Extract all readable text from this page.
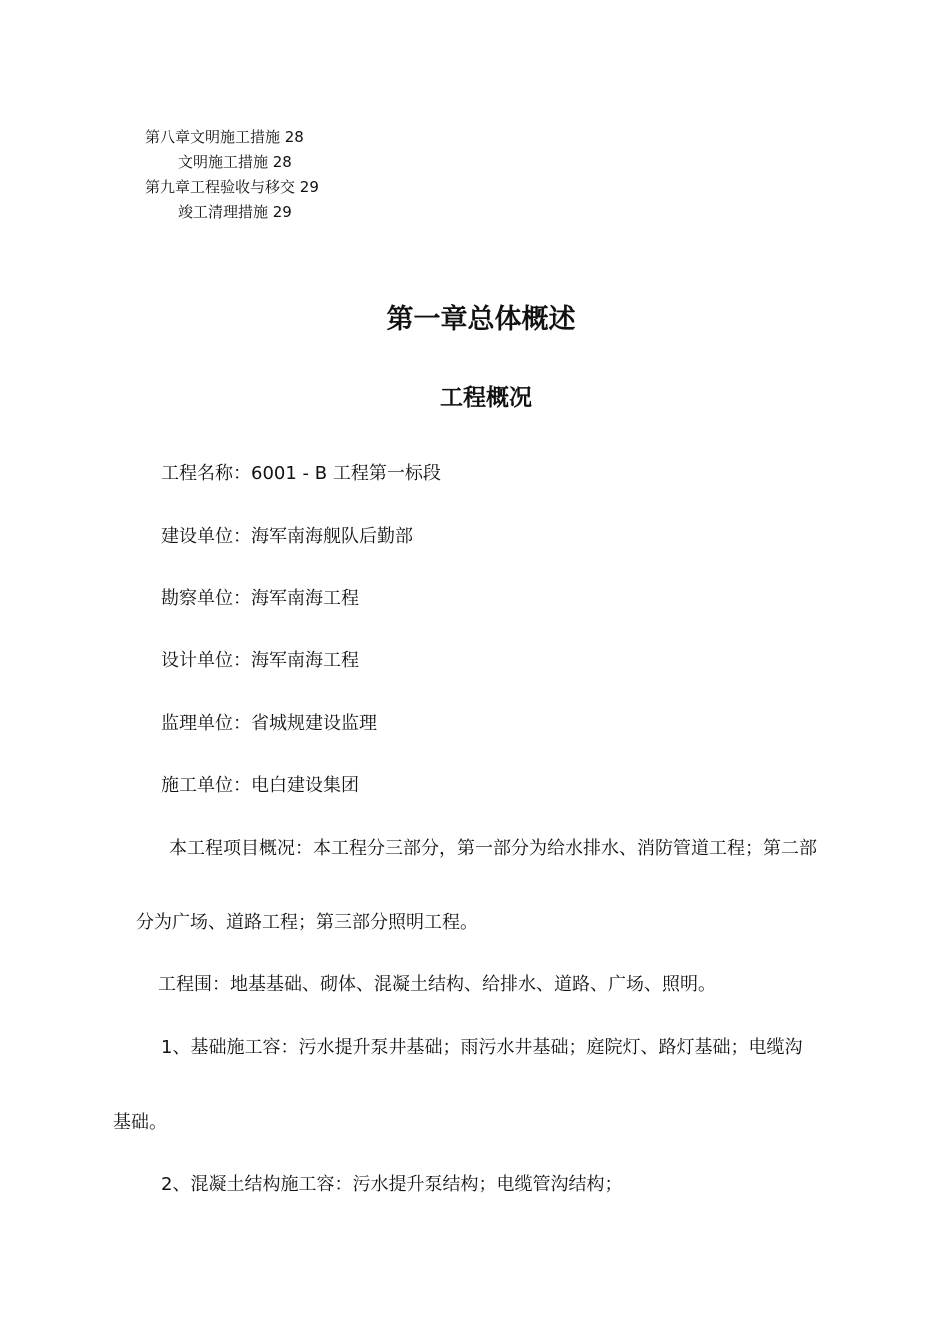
第八章文明施工措施 28
文明施工措施 28
第九章工程验收与移交 29
竣工清理措施 29
第一章总体概述
工程概况
工程名称：6001 - B 工程第一标段
建设单位：海军南海舰队后勤部
勘察单位：海军南海工程
设计单位：海军南海工程
监理单位：省城规建设监理
施工单位：电白建设集团
本工程项目概况：本工程分三部分，第一部分为给水排水、消防管道工程；第二部
分为广场、道路工程；第三部分照明工程。
工程围：地基基础、砌体、混凝土结构、给排水、道路、广场、照明。
1、基础施工容：污水提升泵井基础；雨污水井基础；庭院灯、路灯基础；电缆沟
基础。
2、混凝土结构施工容：污水提升泵结构；电缆管沟结构；
